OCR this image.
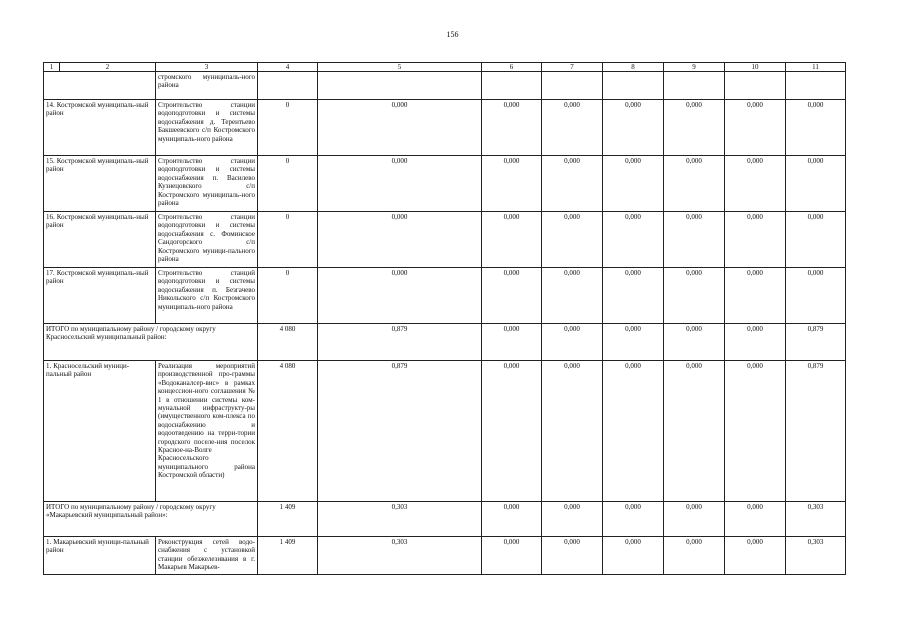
156
1	2	3	4	5	6	7	8	9	10	11
		стромского муниципаль-ного района								
14. Костромской муниципаль-ный район		Строительство станции водоподготовки и системы водоснабжения д. Терентьево Бакшеевского с/п Костромского муниципаль-ного района	0	0,000	0,000	0,000	0,000	0,000	0,000	0,000
15. Костромской муниципаль-ный район		Строительство станции водоподготовки и системы водоснабжения п. Василево Кузнецовского с/п Костромского муниципаль-ного района	0	0,000	0,000	0,000	0,000	0,000	0,000	0,000
16. Костромской муниципаль-ный район		Строительство станции водоподготовки и системы водоснабжения с. Фоминское Сандогорского с/п Костромского муници-пального района	0	0,000	0,000	0,000	0,000	0,000	0,000	0,000
17. Костромской муниципаль-ный район		Строительство станций водоподготовки и системы водоснабжения п. Безгачево Никольского с/п Костромского муниципаль-ного района	0	0,000	0,000	0,000	0,000	0,000	0,000	0,000
ИТОГО по муниципальному району / городскому округу Красносельский муниципальный район:			4 080	0,879	0,000	0,000	0,000	0,000	0,000	0,879
1. Красносельский муници-пальный район		Реализация мероприятий производственной про-граммы «Водоканалсер-вис» в рамках концессион-ного соглашения № 1 в отношении системы ком-мунальной инфраструкту-ры (имущественного ком-плекса по водоснабжению и водоотведению на терри-тории городского поселе-ния поселок Красное-на-Волге Красносельского муниципального района Костромской области)	4 080	0,879	0,000	0,000	0,000	0,000	0,000	0,879
ИТОГО по муниципальному району / городскому округу «Макарьевский муниципальный район»:			1 409	0,303	0,000	0,000	0,000	0,000	0,000	0,303
1. Макарьевский муници-пальный район		Реконструкция сетей водо-снабжения с установкой станции обезжелезивания в г. Макарьев Макарьев-	1 409	0,303	0,000	0,000	0,000	0,000	0,000	0,303
